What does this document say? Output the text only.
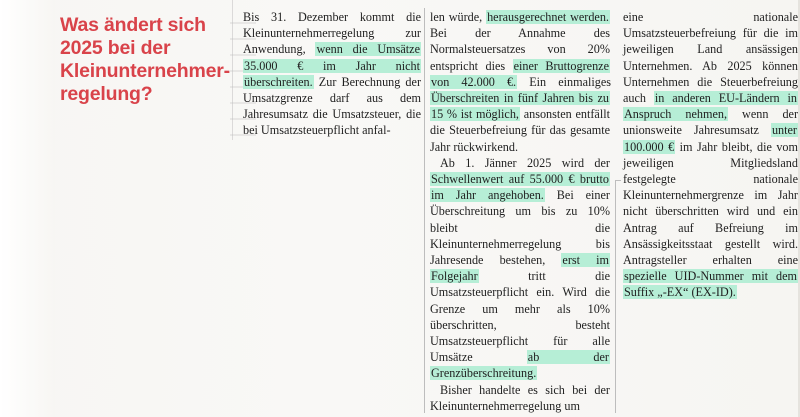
Was ändert sich 2025 bei der Kleinunternehmer-regelung?

Bis 31. Dezember kommt die Kleinunternehmerregelung zur Anwendung, wenn die Umsätze 35.000 € im Jahr nicht überschreiten. Zur Berechnung der Umsatzgrenze darf aus dem Jahresumsatz die Umsatzsteuer, die bei Umsatzsteuerpflicht anfal-

len würde, herausgerechnet werden. Bei der Annahme des Normalsteuersatzes von 20% entspricht dies einer Bruttogrenze von 42.000 €. Ein einmaliges Überschreiten in fünf Jahren bis zu 15 % ist möglich, ansonsten entfällt die Steuerbefreiung für das gesamte Jahr rückwirkend.

Ab 1. Jänner 2025 wird der Schwellenwert auf 55.000 € brutto im Jahr angehoben. Bei einer Überschreitung um bis zu 10% bleibt die Kleinunternehmerregelung bis Jahresende bestehen, erst im Folgejahr tritt die Umsatzsteuerpflicht ein. Wird die Grenze um mehr als 10% überschritten, besteht Umsatzsteuerpflicht für alle Umsätze ab der Grenzüberschreitung.

Bisher handelte es sich bei der Kleinunternehmerregelung um

eine nationale Umsatzsteuerbefreiung für die im jeweiligen Land ansässigen Unternehmen. Ab 2025 können Unternehmen die Steuerbefreiung auch in anderen EU-Ländern in Anspruch nehmen, wenn der unionsweite Jahresumsatz unter 100.000 € im Jahr bleibt, die vom jeweiligen Mitgliedsland festgelegte nationale Kleinunternehmergrenze im Jahr nicht überschritten wird und ein Antrag auf Befreiung im Ansässigkeitsstaat gestellt wird. Antragsteller erhalten eine spezielle UID-Nummer mit dem Suffix „-EX“ (EX-ID).
